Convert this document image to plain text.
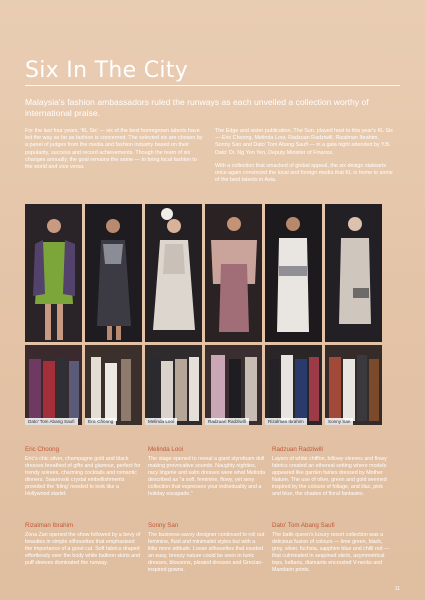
Six In The City
Malaysia's fashion ambassadors ruled the runways as each unveiled a collection worthy of international praise.

For the last four years, 'KL Six' — six of the best homegrown talents have led the way as far as fashion is concerned. The selected six are chosen by a panel of judges from the media and fashion industry based on their popularity, success and record achievements. Though the team of six changes annually, the goal remains the same — to bring local fashion to the world and vice versa.

The Edge and sister publication, The Sun, played host to this year's KL Six — Eric Choong, Melinda Looi, Radzuan Radziwill, Rizalman Ibrahim, Sonny San and Dato' Tom Abang Saufi — in a gala night attended by Y.B. Dato' Dr. Ng Yen Yen, Deputy Minister of Finance.

With a collection that smacked of global appeal, the six design stalwarts once again convinced the local and foreign media that KL is home to some of the best talents in Asia.

Dato' Tom Abang Saufi	Eric Choong	Melinda Looi	Radzuan Radziwill	Rizalman Ibrahim	Sonny San
Eric Choong

Eric's chic silver, champagne gold and black dresses breathed of gifts and glamour, perfect for trendy soirees, charming cocktails and romantic dinners. Swarovski crystal embellishments provided the 'bling' needed to look like a Hollywood starlet.

Melinda Looi

The stage opened to reveal a giant styrofoam doll making provocative sounds. Naughty nighties, racy lingerie and satin dresses were what Melinda described as "a soft, feminine, flowy, yet sexy collection that expresses your individuality and a holiday escapade."

Radzuan Radziwill

Layers of white chiffon, billowy sleeves and flowy fabrics created an ethereal setting where models appeared like garden fairies dressed by Mother Nature. The use of olive, green and gold seemed inspired by the colours of foliage, and lilac, pink and blue, the shades of floral fantasies.

Rizalman Ibrahim

Zona Zan opened the show followed by a bevy of beauties in simple silhouettes that emphasised the importance of a good cut. Soft fabrics draped effortlessly over the body while balloon skirts and puff sleeves dominated the runway.

Sonny San

The business-savvy designer continued to roll out feminine, fluid and minimalist styles but with a little more attitude. Loose silhouettes that exuded an easy, breezy nature could be seen in tunic dresses, blousons, pleated dresses and Grecian-inspired gowns.

Dato' Tom Abang Saufi

The batik queen's luxury resort collection was a delicious fusion of colours — lime green, black, grey, silver, fuchsia, sapphire blue and chilli red — that culminated in sequined skirts, asymmetrical tops, kaftans, diamante encrusted V-necks and Mandarin prints.

11
